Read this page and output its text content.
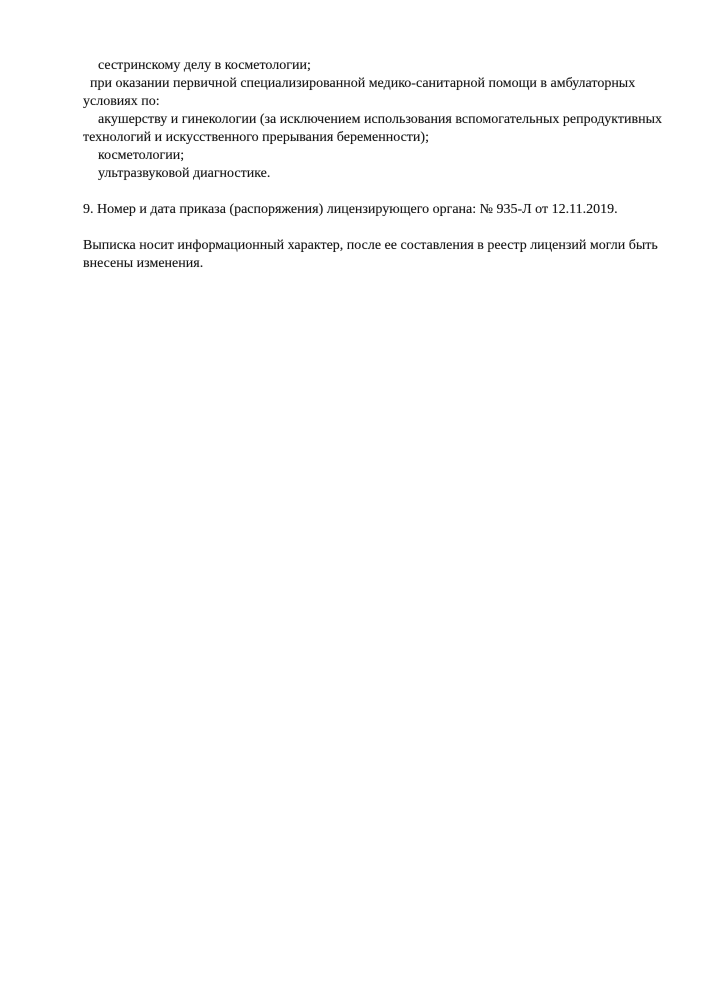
сестринскому делу в косметологии;
при оказании первичной специализированной медико-санитарной помощи в амбулаторных
условиях по:
акушерству и гинекологии (за исключением использования вспомогательных репродуктивных
технологий и искусственного прерывания беременности);
косметологии;
ультразвуковой диагностике.
9. Номер и дата приказа (распоряжения) лицензирующего органа: № 935-Л от 12.11.2019.
Выписка носит информационный характер, после ее составления в реестр лицензий могли быть
внесены изменения.
